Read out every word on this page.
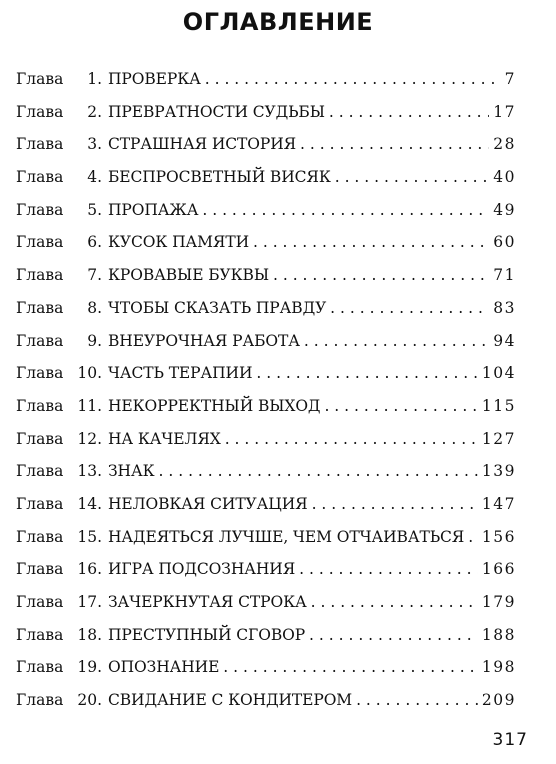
ОГЛАВЛЕНИЕ
Глава	1. ПРОВЕРКА . . .	7
Глава	2. ПРЕВРАТНОСТИ СУДЬБЫ . . .	17
Глава	3. СТРАШНАЯ ИСТОРИЯ . . .	28
Глава	4. БЕСПРОСВЕТНЫЙ ВИСЯК . . .	40
Глава	5. ПРОПАЖА . . .	49
Глава	6. КУСОК ПАМЯТИ . . .	60
Глава	7. КРОВАВЫЕ БУКВЫ . . .	71
Глава	8. ЧТОБЫ СКАЗАТЬ ПРАВДУ . . .	83
Глава	9. ВНЕУРОЧНАЯ РАБОТА . . .	94
Глава 10. ЧАСТЬ ТЕРАПИИ . . .	104
Глава 11. НЕКОРРЕКТНЫЙ ВЫХОД . . .	115
Глава 12. НА КАЧЕЛЯХ . . .	127
Глава 13. ЗНАК . . .	139
Глава 14. НЕЛОВКАЯ СИТУАЦИЯ . . .	147
Глава 15. НАДЕЯТЬСЯ ЛУЧШЕ, ЧЕМ ОТЧАИВАТЬСЯ . . . 156
Глава 16. ИГРА ПОДСОЗНАНИЯ . . .	166
Глава 17. ЗАЧЕРКНУТАЯ СТРОКА . . .	179
Глава 18. ПРЕСТУПНЫЙ СГОВОР . . .	188
Глава 19. ОПОЗНАНИЕ . . .	198
Глава 20. СВИДАНИЕ С КОНДИТЕРОМ . . .	209
317
